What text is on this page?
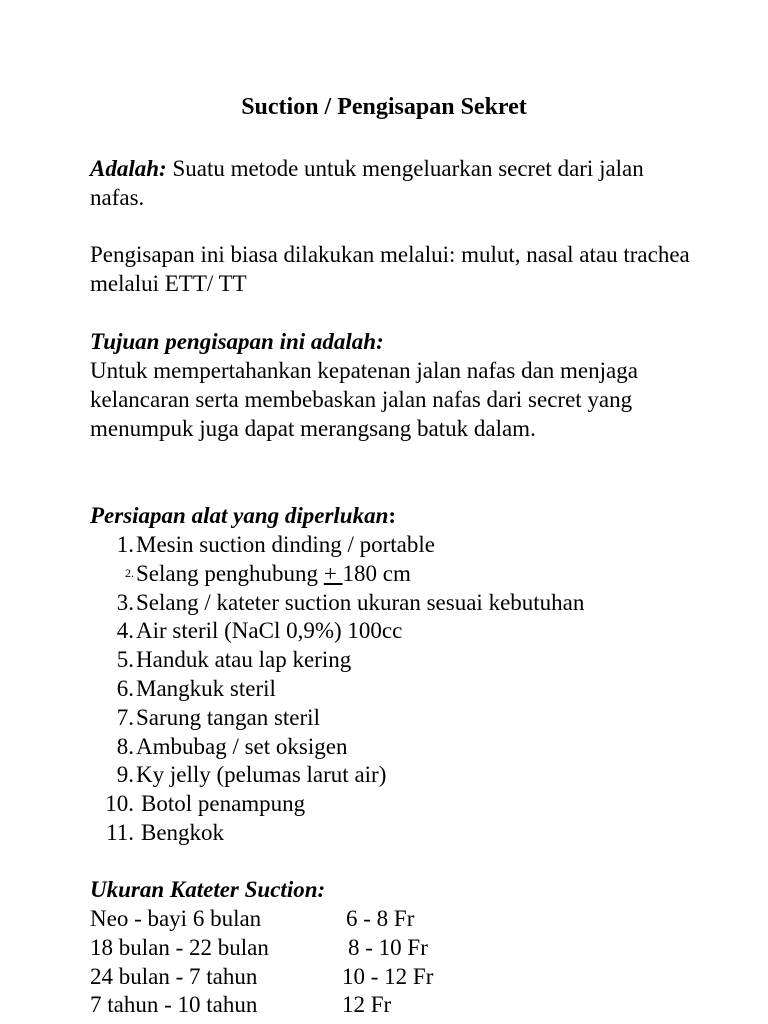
Suction / Pengisapan Sekret
Adalah: Suatu metode untuk mengeluarkan secret dari jalan nafas.
Pengisapan ini biasa dilakukan melalui: mulut, nasal atau trachea melalui ETT/ TT
Tujuan pengisapan ini adalah:
Untuk mempertahankan kepatenan jalan nafas dan menjaga kelancaran serta membebaskan jalan nafas dari secret yang menumpuk juga dapat merangsang batuk dalam.
Persiapan alat yang diperlukan:
1. Mesin suction dinding / portable
2. Selang penghubung + 180 cm
3. Selang / kateter suction ukuran sesuai kebutuhan
4. Air steril (NaCl 0,9%) 100cc
5. Handuk atau lap kering
6. Mangkuk steril
7. Sarung tangan steril
8. Ambubag / set oksigen
9. Ky jelly (pelumas larut air)
10. Botol penampung
11. Bengkok
Ukuran Kateter Suction:
Neo - bayi 6 bulan	6 - 8 Fr
18 bulan - 22 bulan	8 - 10 Fr
24 bulan - 7 tahun	10 - 12 Fr
7 tahun - 10 tahun	12 Fr
